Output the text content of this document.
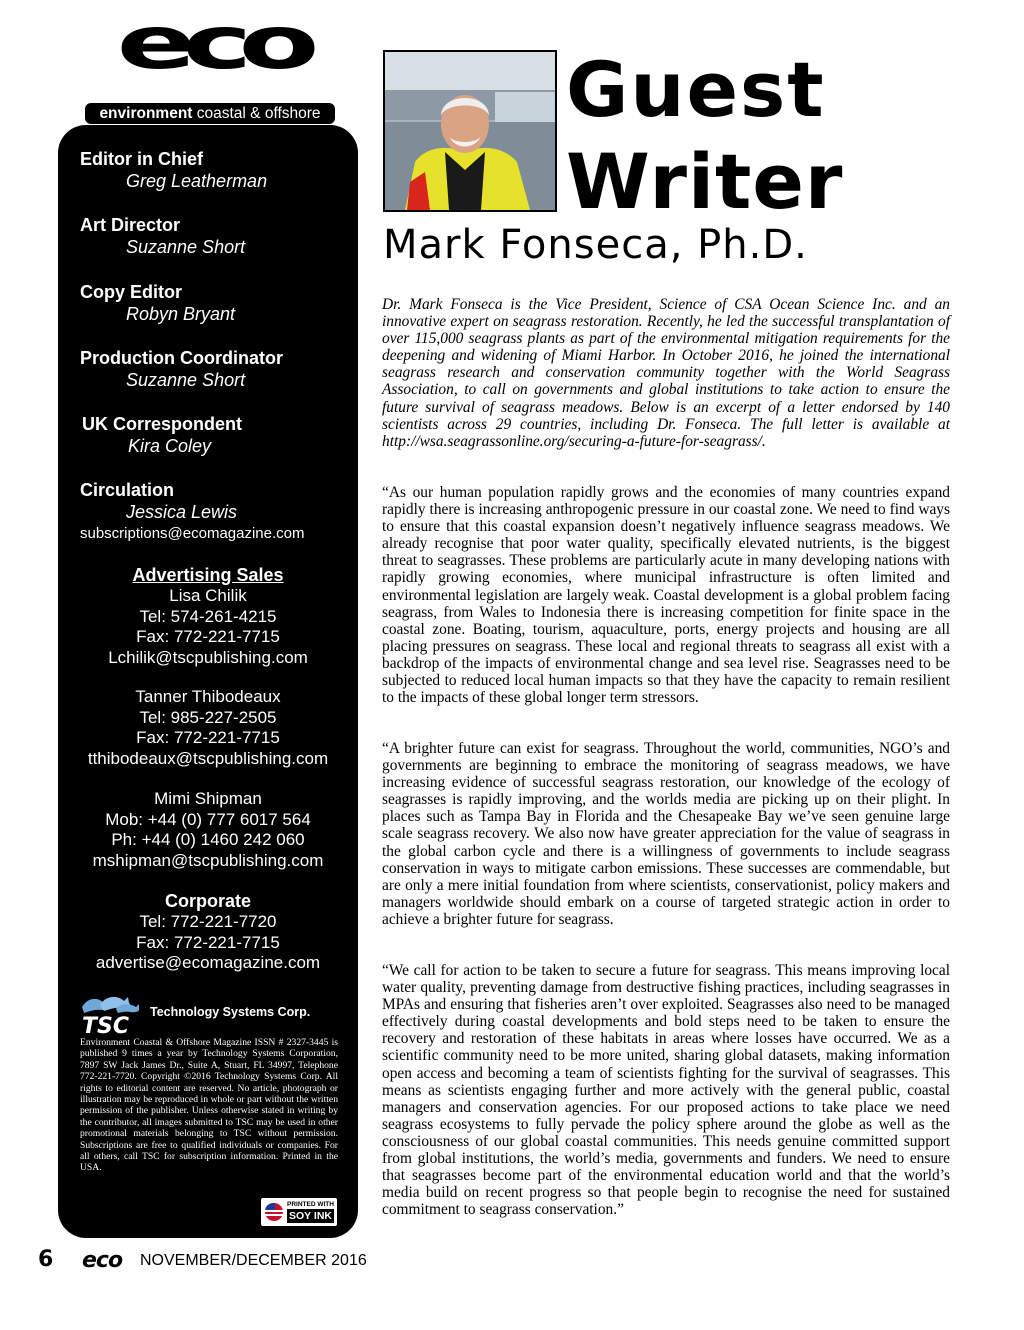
eco
environment coastal & offshore
Editor in Chief
Greg Leatherman
Art Director
Suzanne Short
Copy Editor
Robyn Bryant
Production Coordinator
Suzanne Short
UK Correspondent
Kira Coley
Circulation
Jessica Lewis
subscriptions@ecomagazine.com
Advertising Sales
Lisa Chilik
Tel: 574-261-4215
Fax: 772-221-7715
Lchilik@tscpublishing.com
Tanner Thibodeaux
Tel: 985-227-2505
Fax: 772-221-7715
tthibodeaux@tscpublishing.com
Mimi Shipman
Mob: +44 (0) 777 6017 564
Ph: +44 (0) 1460 242 060
mshipman@tscpublishing.com
Corporate
Tel: 772-221-7720
Fax: 772-221-7715
advertise@ecomagazine.com
TSC
Technology Systems Corp.
Environment Coastal & Offshore Magazine ISSN # 2327-3445 is published 9 times a year by Technology Systems Corporation, 7897 SW Jack James Dr., Suite A, Stuart, FL 34997, Telephone 772-221-7720. Copyright ©2016 Technology Systems Corp. All rights to editorial content are reserved. No article, photograph or illustration may be reproduced in whole or part without the written permission of the publisher. Unless otherwise stated in writing by the contributor, all images submitted to TSC may be used in other promotional materials belonging to TSC without permission. Subscriptions are free to qualified individuals or companies. For all others, call TSC for subscription information. Printed in the USA.
PRINTED WITH
SOY INK
6 eco NOVEMBER/DECEMBER 2016
Guest
Writer
Mark Fonseca, Ph.D.
Dr. Mark Fonseca is the Vice President, Science of CSA Ocean Science Inc. and an innovative expert on seagrass restoration. Recently, he led the successful transplantation of over 115,000 seagrass plants as part of the environmental mitigation requirements for the deepening and widening of Miami Harbor. In October 2016, he joined the international seagrass research and conservation community together with the World Seagrass Association, to call on governments and global institutions to take action to ensure the future survival of seagrass meadows. Below is an excerpt of a letter endorsed by 140 scientists across 29 countries, including Dr. Fonseca. The full letter is available at http://wsa.seagrassonline.org/securing-a-future-for-seagrass/.
“As our human population rapidly grows and the economies of many countries expand rapidly there is increasing anthropogenic pressure in our coastal zone. We need to find ways to ensure that this coastal expansion doesn’t negatively influence seagrass meadows. We already recognise that poor water quality, specifically elevated nutrients, is the biggest threat to seagrasses. These problems are particularly acute in many developing nations with rapidly growing economies, where municipal infrastructure is often limited and environmental legislation are largely weak. Coastal development is a global problem facing seagrass, from Wales to Indonesia there is increasing competition for finite space in the coastal zone. Boating, tourism, aquaculture, ports, energy projects and housing are all placing pressures on seagrass. These local and regional threats to seagrass all exist with a backdrop of the impacts of environmental change and sea level rise. Seagrasses need to be subjected to reduced local human impacts so that they have the capacity to remain resilient to the impacts of these global longer term stressors.
“A brighter future can exist for seagrass. Throughout the world, communities, NGO’s and governments are beginning to embrace the monitoring of seagrass meadows, we have increasing evidence of successful seagrass restoration, our knowledge of the ecology of seagrasses is rapidly improving, and the worlds media are picking up on their plight. In places such as Tampa Bay in Florida and the Chesapeake Bay we’ve seen genuine large scale seagrass recovery. We also now have greater appreciation for the value of seagrass in the global carbon cycle and there is a willingness of governments to include seagrass conservation in ways to mitigate carbon emissions. These successes are commendable, but are only a mere initial foundation from where scientists, conservationist, policy makers and managers worldwide should embark on a course of targeted strategic action in order to achieve a brighter future for seagrass.
“We call for action to be taken to secure a future for seagrass. This means improving local water quality, preventing damage from destructive fishing practices, including seagrasses in MPAs and ensuring that fisheries aren’t over exploited. Seagrasses also need to be managed effectively during coastal developments and bold steps need to be taken to ensure the recovery and restoration of these habitats in areas where losses have occurred. We as a scientific community need to be more united, sharing global datasets, making information open access and becoming a team of scientists fighting for the survival of seagrasses. This means as scientists engaging further and more actively with the general public, coastal managers and conservation agencies. For our proposed actions to take place we need seagrass ecosystems to fully pervade the policy sphere around the globe as well as the consciousness of our global coastal communities. This needs genuine committed support from global institutions, the world’s media, governments and funders. We need to ensure that seagrasses become part of the environmental education world and that the world’s media build on recent progress so that people begin to recognise the need for sustained commitment to seagrass conservation.”
